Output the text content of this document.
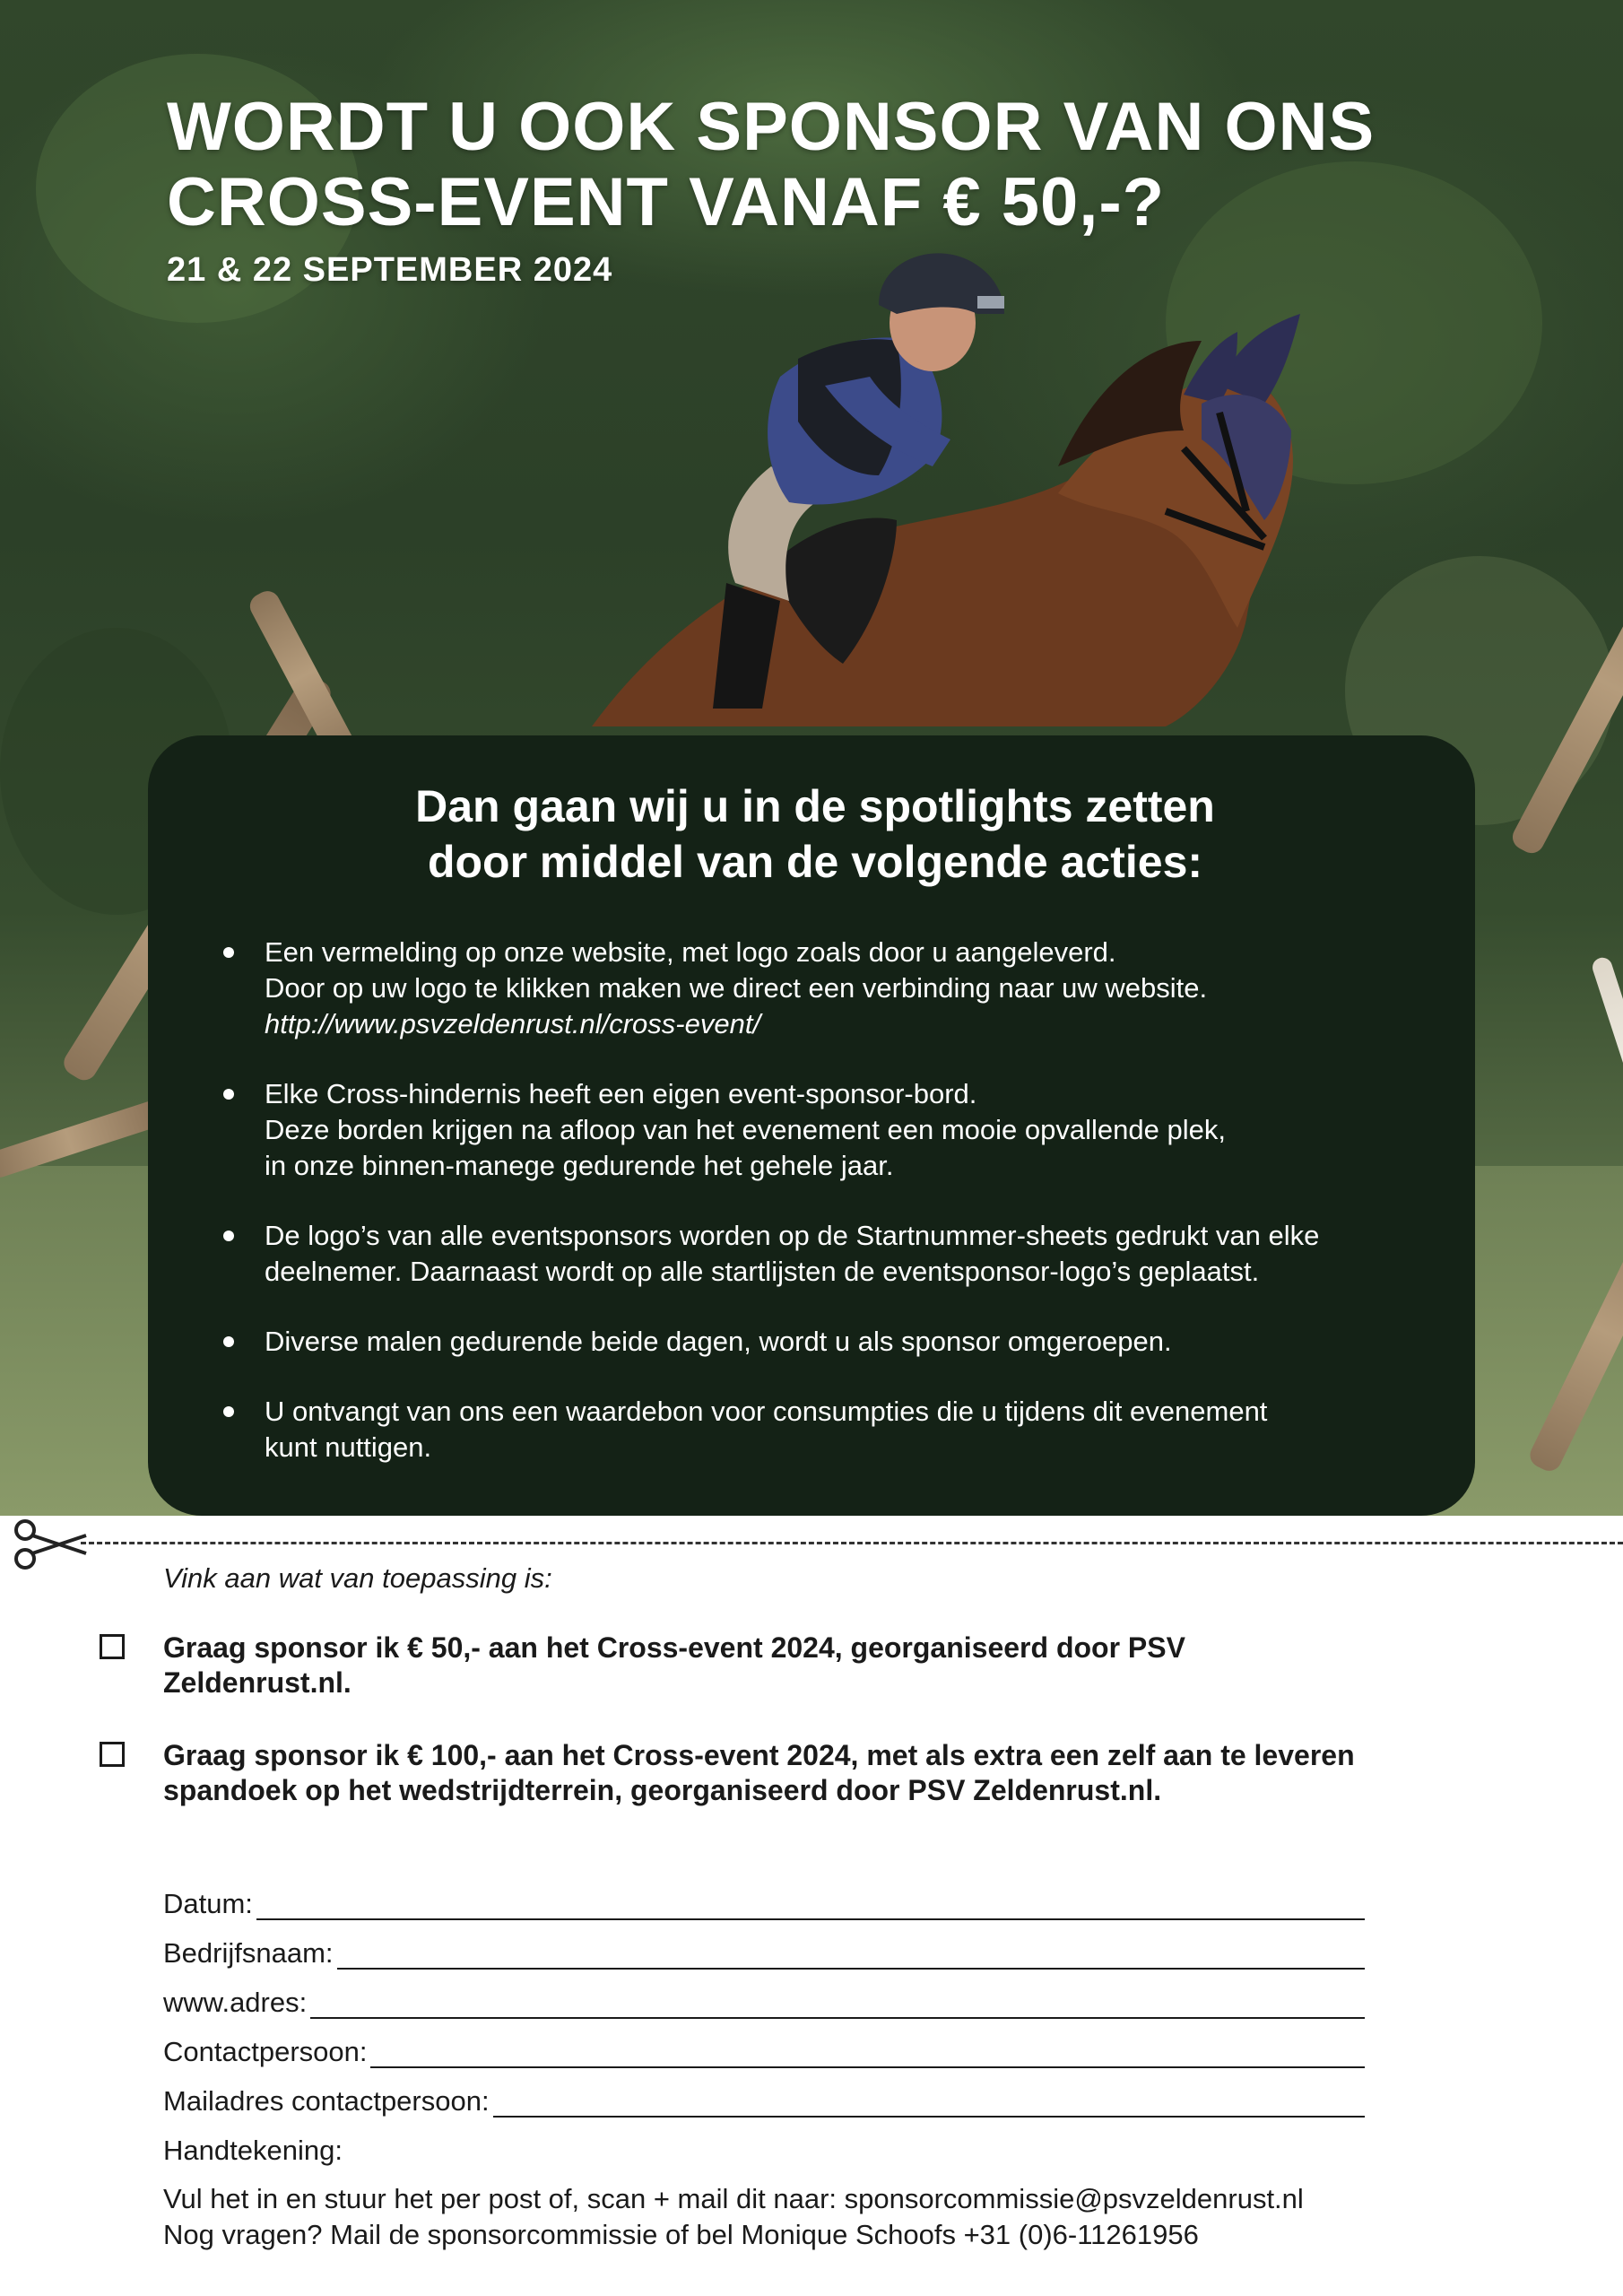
WORDT U OOK SPONSOR VAN ONS
CROSS-EVENT VANAF € 50,-?
21 & 22 SEPTEMBER 2024
Dan gaan wij u in de spotlights zetten
door middel van de volgende acties:
Een vermelding op onze website, met logo zoals door u aangeleverd.
Door op uw logo te klikken maken we direct een verbinding naar uw website.
http://www.psvzeldenrust.nl/cross-event/
Elke Cross-hindernis heeft een eigen event-sponsor-bord.
Deze borden krijgen na afloop van het evenement een mooie opvallende plek,
in onze binnen-manege gedurende het gehele jaar.
De logo’s van alle eventsponsors worden op de Startnummer-sheets gedrukt van elke
deelnemer. Daarnaast wordt op alle startlijsten de eventsponsor-logo’s geplaatst.
Diverse malen gedurende beide dagen, wordt u als sponsor omgeroepen.
U ontvangt van ons een waardebon voor consumpties die u tijdens dit evenement
kunt nuttigen.

Vink aan wat van toepassing is:

Graag sponsor ik € 50,- aan het Cross-event 2024, georganiseerd door PSV Zeldenrust.nl.
Graag sponsor ik € 100,- aan het Cross-event 2024, met als extra een zelf aan te leveren
spandoek op het wedstrijdterrein, georganiseerd door PSV Zeldenrust.nl.
Datum:
Bedrijfsnaam:
www.adres:
Contactpersoon:
Mailadres contactpersoon:
Handtekening:
Vul het in en stuur het per post of, scan + mail dit naar: sponsorcommissie@psvzeldenrust.nl
Nog vragen? Mail de sponsorcommissie of bel Monique Schoofs +31 (0)6-11261956
